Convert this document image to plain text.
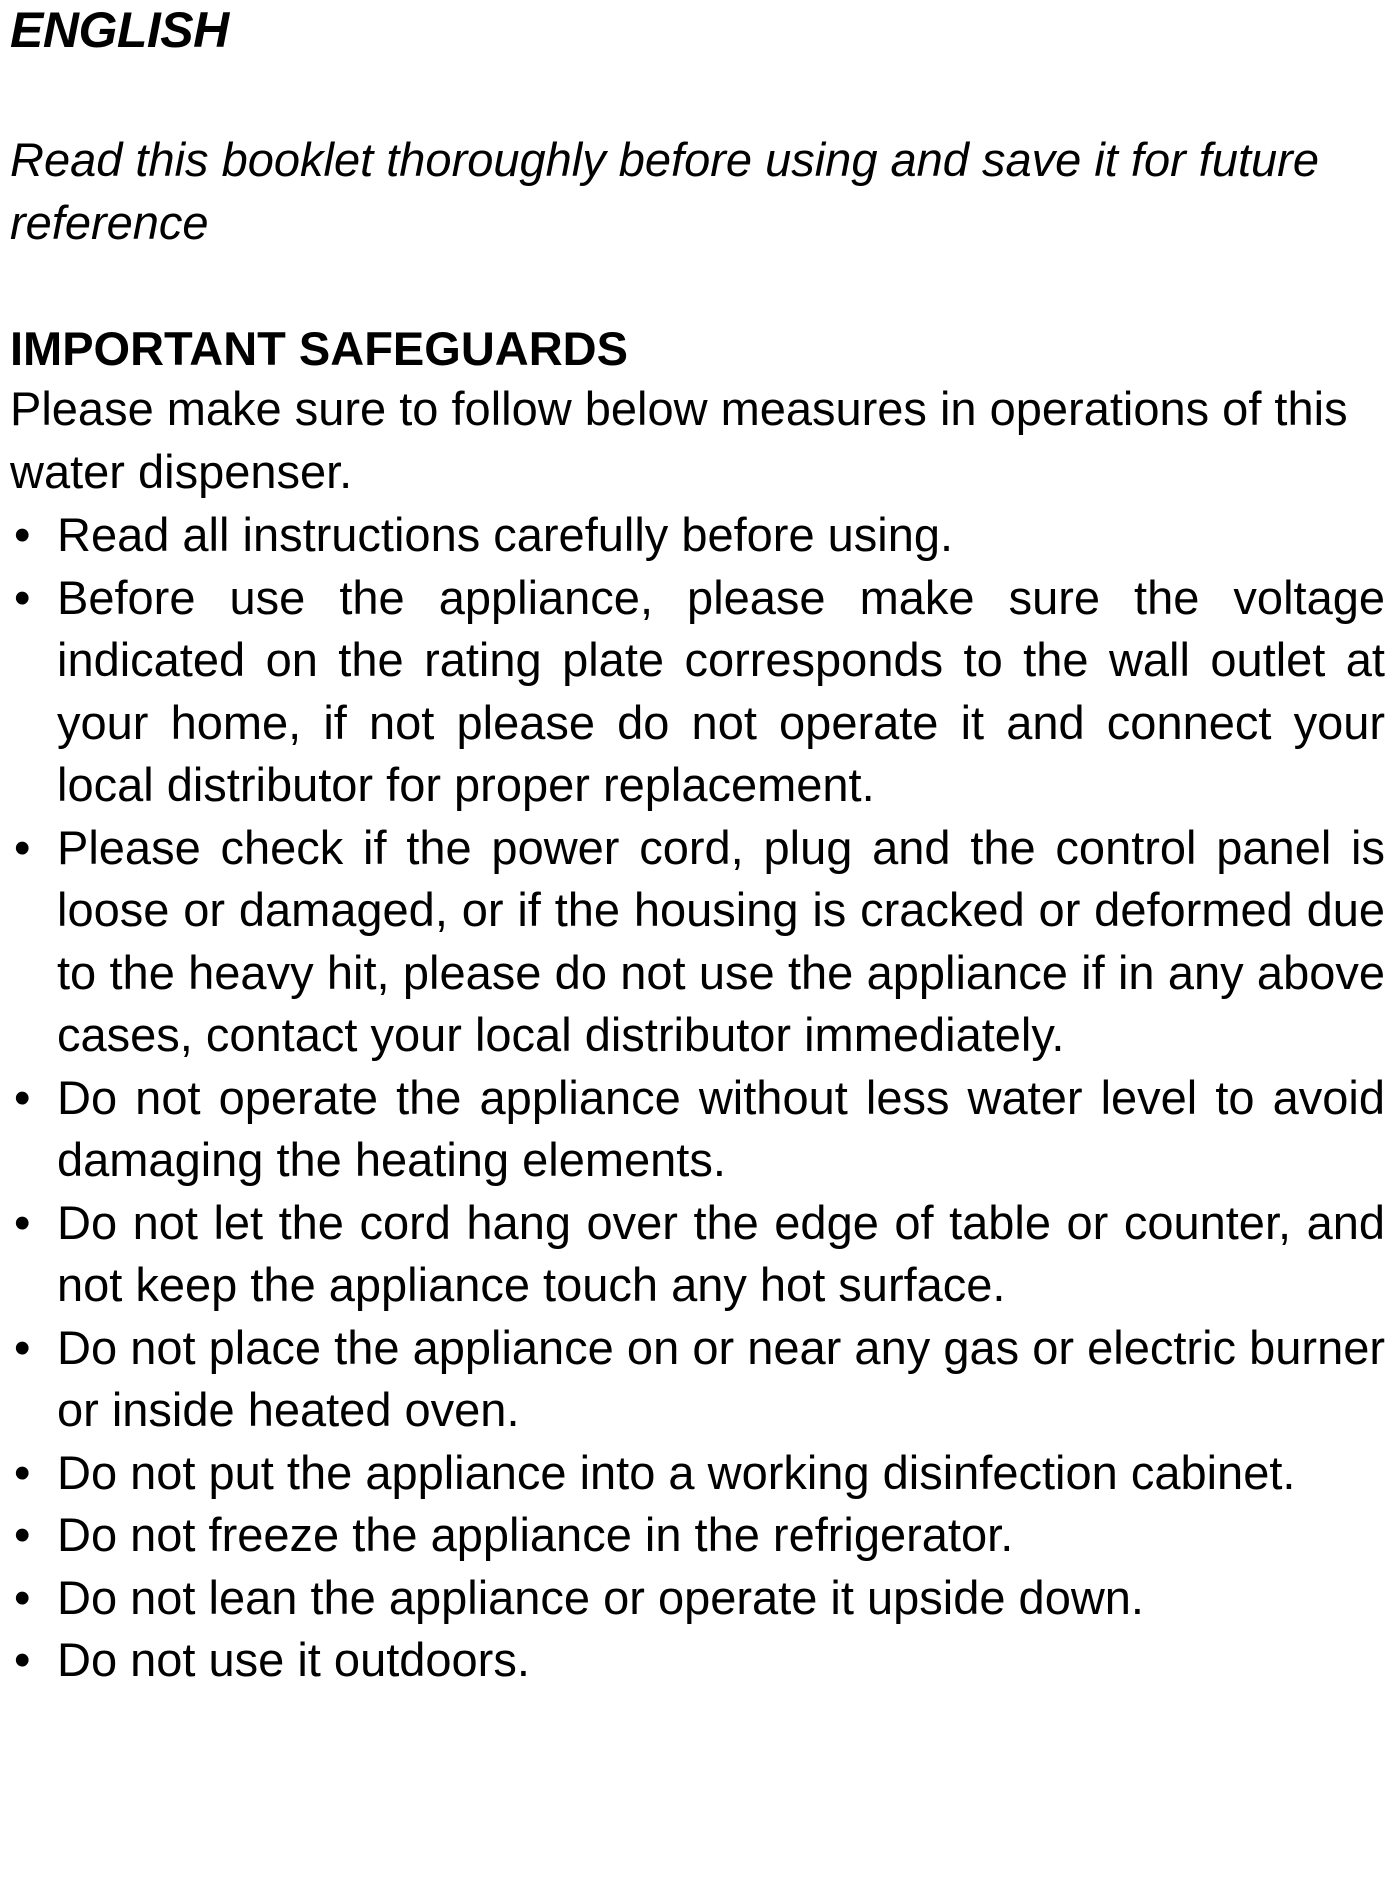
ENGLISH
Read this booklet thoroughly before using and save it for future reference
IMPORTANT SAFEGUARDS
Please make sure to follow below measures in operations of this water dispenser.
• Read all instructions carefully before using.
• Before use the appliance, please make sure the voltage indicated on the rating plate corresponds to the wall outlet at your home, if not please do not operate it and connect your local distributor for proper replacement.
• Please check if the power cord, plug and the control panel is loose or damaged, or if the housing is cracked or deformed due to the heavy hit, please do not use the appliance if in any above cases, contact your local distributor immediately.
• Do not operate the appliance without less water level to avoid damaging the heating elements.
• Do not let the cord hang over the edge of table or counter, and not keep the appliance touch any hot surface.
• Do not place the appliance on or near any gas or electric burner or inside heated oven.
• Do not put the appliance into a working disinfection cabinet.
• Do not freeze the appliance in the refrigerator.
• Do not lean the appliance or operate it upside down.
• Do not use it outdoors.
